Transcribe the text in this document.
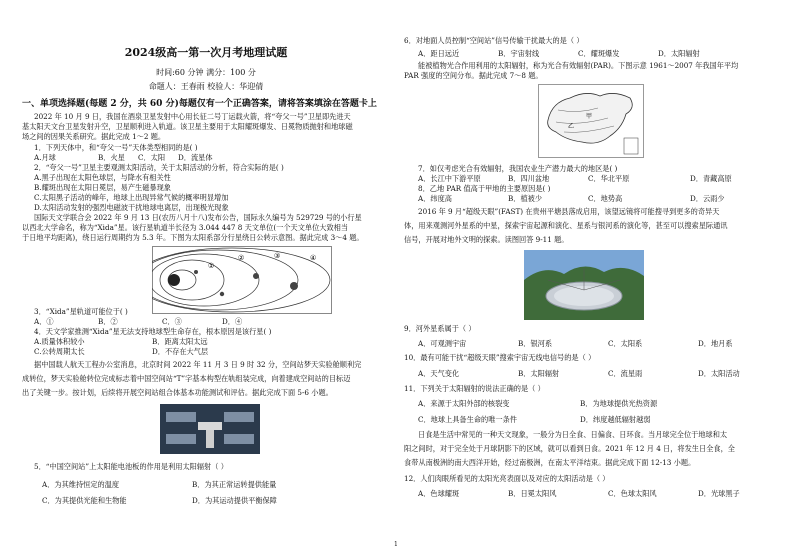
2024级高一第一次月考地理试题
时间:60 分钟 满分：100 分
命题人：王春雨 校验人：华迎倩
一、单项选择题(每题 2 分，共 60 分)每题仅有一个正确答案，请将答案填涂在答题卡上
2022 年 10 月 9 日，我国在酒泉卫星发射中心用长征二号丁运载火箭，将“夸父一号”卫星即先进天
基太阳天文台卫星发射升空，卫星顺利进入轨道。该卫星主要用于太阳耀斑爆发、日冕物质抛射和地球磁
场之间的因果关系研究。据此完成 1～2 题。
1．下列天体中，和“夸父一号”天体类型相同的是( )
A.月球	B．火星 C．太阳 D．流星体
2．“夸父一号”卫星主要观测太阳活动，关于太阳活动的分析，符合实际的是( )
A.黑子出现在太阳色球层，与降水有相关性
B.耀斑出现在太阳日冕层，易产生磁暴现象
C.太阳黑子活动的峰年，地球上出现异常气候的概率明显增加
D.太阳活动发射的强烈电磁波干扰地球电离层，出现极光现象
国际天文学联合会 2022 年 9 月 13 日(农历八月十八)发布公告，国际永久编号为 529729 号的小行星
以西北大学命名，称为“Xida”星。该行星轨道半长径为 3.044 447 8 天文单位(一个天文单位大致相当
于日地平均距离)，绕日运行周期约为 5.3 年。下图为太阳系部分行星绕日公转示意图。据此完成 3～4 题。
①
②	③	④
3．“Xida”星轨道可能位于( )
A．①	B．②	C．③	D．④
4．天文学家推测“Xida”星无法支持地球型生命存在，根本原因是该行星( )
A.质量体积较小	B．距离太阳太远
C.公转周期太长	D．不存在大气层
据中国载人航天工程办公室消息，北京时间 2022 年 11 月 3 日 9 时 32 分，空间站梦天实验舱顺利完
成转位，梦天实验舱转位完成标志着中国空间站“T”字基本构型在轨组装完成，向着建成空间站的目标迈
出了关键一步。按计划，后续将开展空间站组合体基本功能测试和评估。据此完成下面 5-6 小题。
5．“中国空间站”上太阳能电池板的作用是利用太阳辐射（ ）
A．为其维持恒定的温度	B．为其正常运转提供能量
C．为其提供光能和生物能	D．为其运动提供平衡保障
6．对地面人员控制“空间站”信号传输干扰最大的是（ ）
A．距日远近	B．宇宙射线	C．耀斑爆发	D．太阳辐射
能被植物光合作用利用的太阳辐射，称为光合有效辐射(PAR)。下图示意 1961～2007 年我国年平均
PAR 强度的空间分布。据此完成 7～8 题。
甲
乙
7．如仅考虑光合有效辐射，我国农业生产潜力最大的地区是( )
A．长江中下游平原	B．四川盆地	C．华北平原	D．青藏高原
8．乙地 PAR 值高于甲地的主要原因是( )
A．纬度高	B．植被少	C．地势高	D．云雨少
2016 年 9 月“超级天眼”(FAST) 在贵州平塘县落成启用，该望远镜将可能搜寻到更多的奇异天
体，用来观测河外星系的中星，探索宇宙起源和演化、星系与银河系的演化等，甚至可以搜索星际通讯
信号，开展对地外文明的探索。读图回答 9-11 题。
9．河外星系属于（ ）
A．可观测宇宙	B．银河系	C．太阳系	D．地月系
10．最有可能干扰“超级天眼”搜索宇宙无线电信号的是（ ）
A．天气变化	B．太阳辐射	C．流星雨	D．太阳活动
11．下列关于太阳辐射的说法正确的是（ ）
A．来源于太阳外部的核裂变	B．为地球提供光热资源
C．地球上具备生命的唯一条件	D．纬度越低辐射越弱
日食是生活中常见的一种天文现象，一般分为日全食、日偏食、日环食。当月球完全位于地球和太
阳之间时，对于完全处于月球阴影下的区域，就可以看到日食。2021 年 12 月 4 日，将发生日全食，全
食带从南极洲的南大西洋开始，经过南极洲，在南太平洋结束。据此完成下面 12-13 小题。
12．人们肉眼所看见的太阳光亮表面以及对应的太阳活动是（ ）
A．色球耀斑	B．日冕太阳风	C．色球太阳风	D．光球黑子
1
